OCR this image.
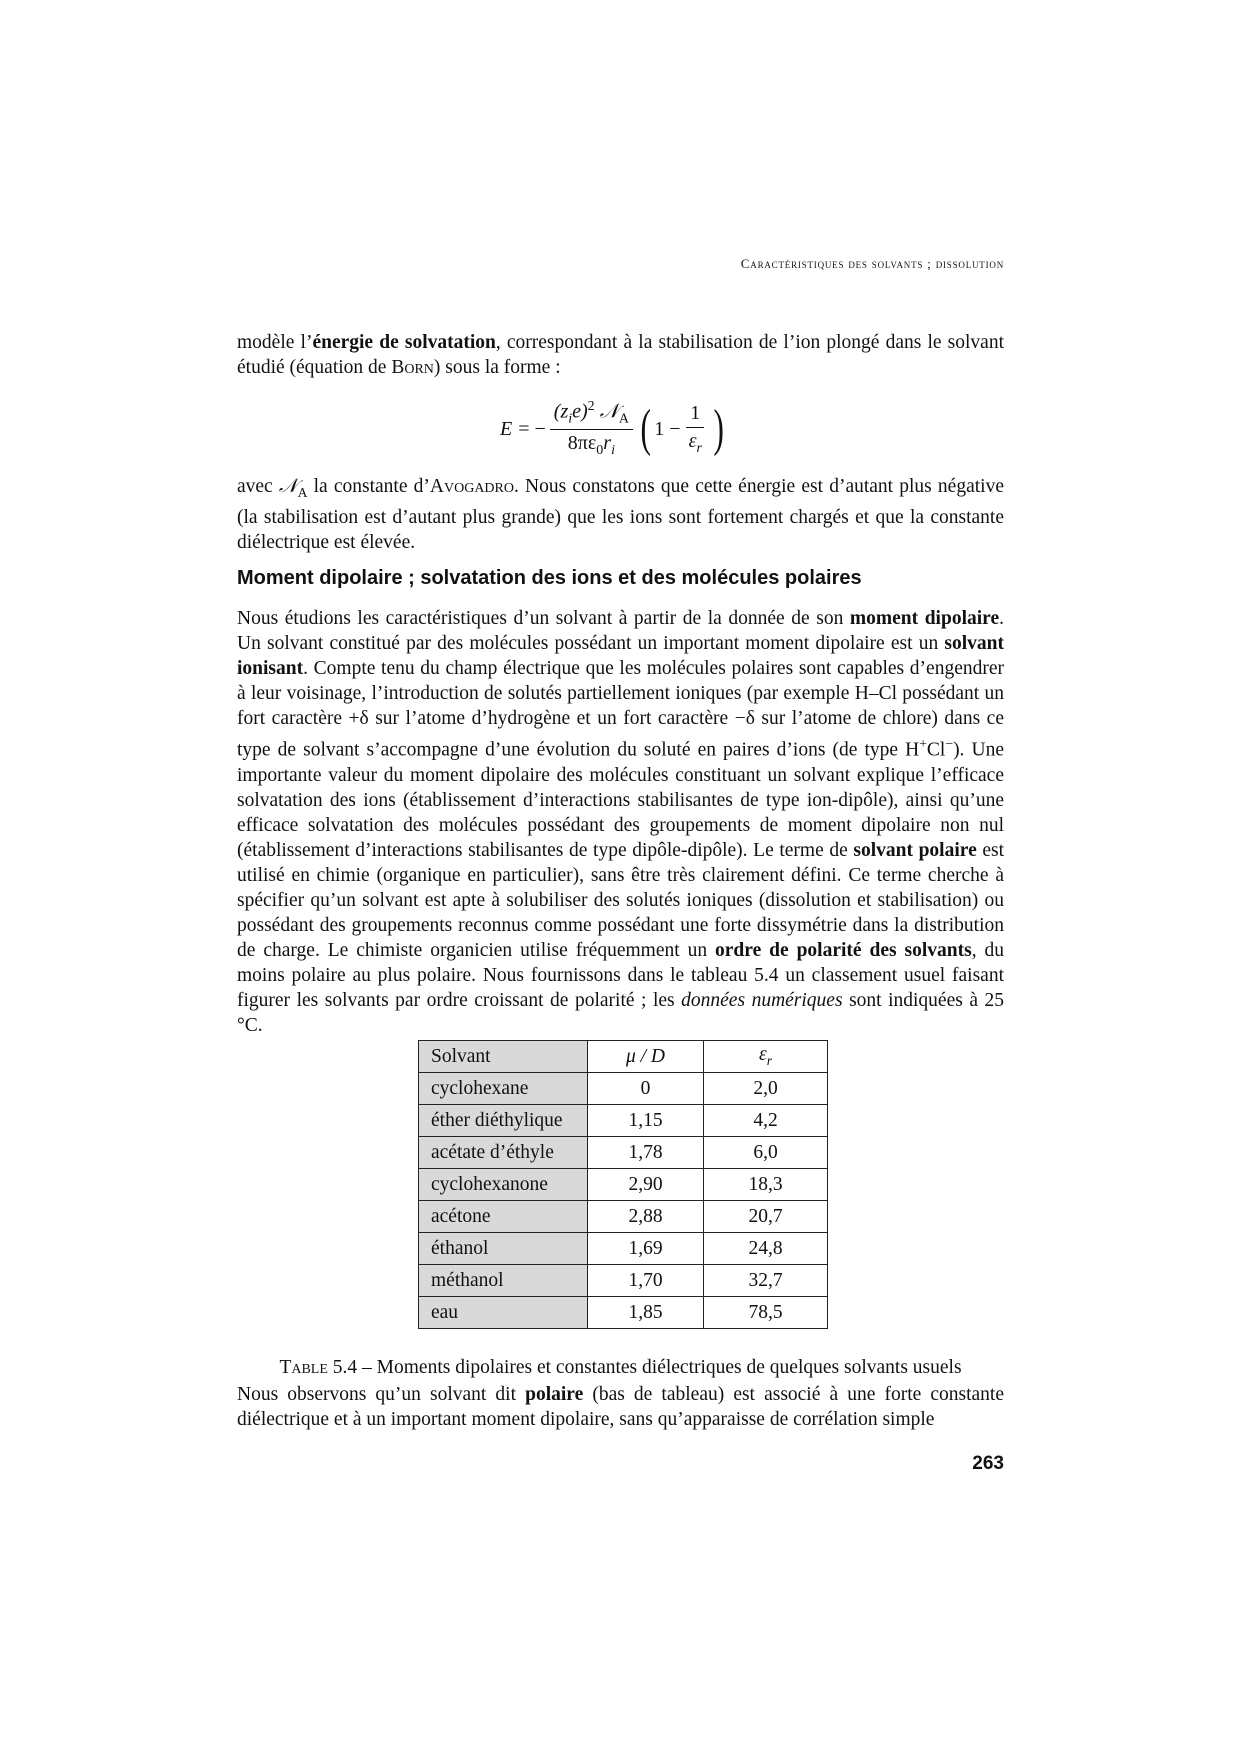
Caractéristiques des solvants ; dissolution

modèle l’énergie de solvatation, correspondant à la stabilisation de l’ion plongé dans le solvant étudié (équation de Born) sous la forme :

E = − $\frac{(z_ie)^2 𝒩_A}{8\pi\varepsilon_0r_i}$ ( $1 - \frac{1}{\varepsilon_r}$ )

avec 𝒩$_A$ la constante d’Avogadro. Nous constatons que cette énergie est d’autant plus négative (la stabilisation est d’autant plus grande) que les ions sont fortement chargés et que la constante diélectrique est élevée.

Moment dipolaire ; solvatation des ions et des molécules polaires

Nous étudions les caractéristiques d’un solvant à partir de la donnée de son moment dipolaire. Un solvant constitué par des molécules possédant un important moment dipolaire est un solvant ionisant. Compte tenu du champ électrique que les molécules polaires sont capables d’engendrer à leur voisinage, l’introduction de solutés partiellement ioniques (par exemple H–Cl possédant un fort caractère +δ sur l’atome d’hydrogène et un fort caractère −δ sur l’atome de chlore) dans ce type de solvant s’accompagne d’une évolution du soluté en paires d’ions (de type H+Cl−). Une importante valeur du moment dipolaire des molécules constituant un solvant explique l’efficace solvatation des ions (établissement d’interactions stabilisantes de type ion-dipôle), ainsi qu’une efficace solvatation des molécules possédant des groupements de moment dipolaire non nul (établissement d’interactions stabilisantes de type dipôle-dipôle). Le terme de solvant polaire est utilisé en chimie (organique en particulier), sans être très clairement défini. Ce terme cherche à spécifier qu’un solvant est apte à solubiliser des solutés ioniques (dissolution et stabilisation) ou possédant des groupements reconnus comme possédant une forte dissymétrie dans la distribution de charge. Le chimiste organicien utilise fréquemment un ordre de polarité des solvants, du moins polaire au plus polaire. Nous fournissons dans le tableau 5.4 un classement usuel faisant figurer les solvants par ordre croissant de polarité ; les données numériques sont indiquées à 25 °C.

Solvant	μ / D	$\varepsilon_r$
cyclohexane	0	2,0
éther diéthylique	1,15	4,2
acétate d’éthyle	1,78	6,0
cyclohexanone	2,90	18,3
acétone	2,88	20,7
éthanol	1,69	24,8
méthanol	1,70	32,7
eau	1,85	78,5
Table 5.4 – Moments dipolaires et constantes diélectriques de quelques solvants usuels

Nous observons qu’un solvant dit polaire (bas de tableau) est associé à une forte constante diélectrique et à un important moment dipolaire, sans qu’apparaisse de corrélation simple

263
